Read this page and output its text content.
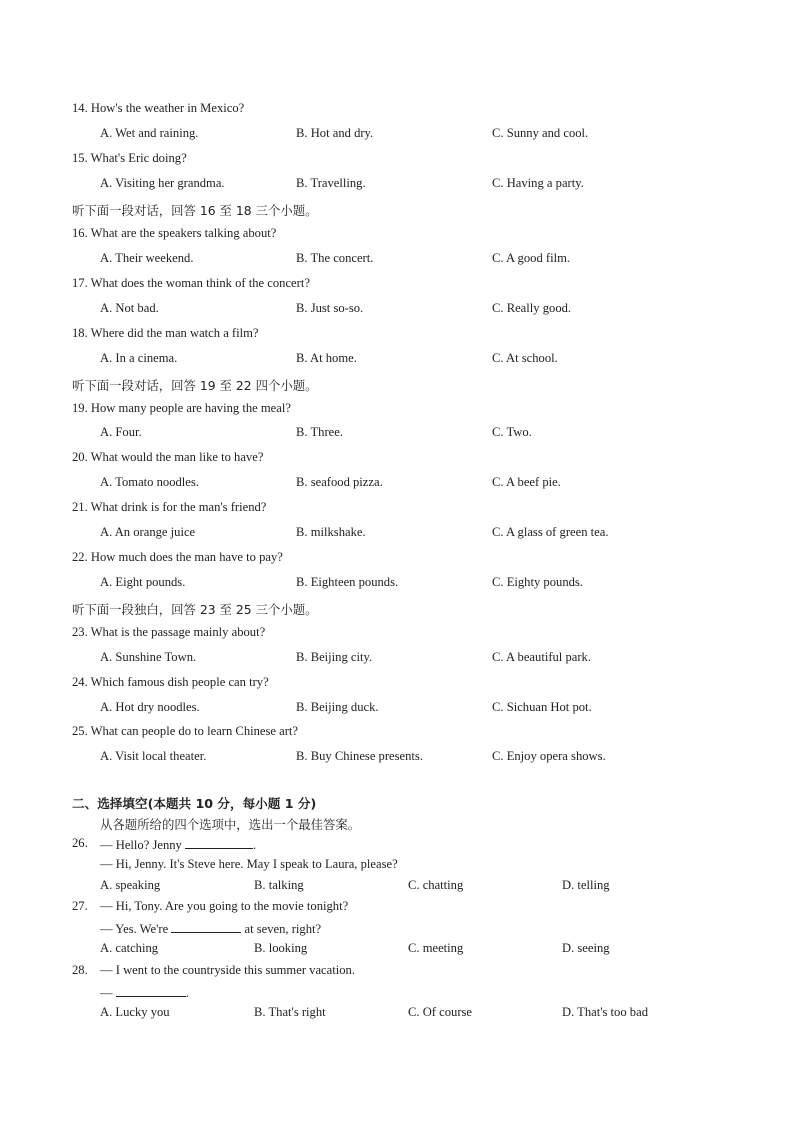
14. How's the weather in Mexico?
A. Wet and raining.	B. Hot and dry.	C. Sunny and cool.
15. What's Eric doing?
A. Visiting her grandma.	B. Travelling.	C. Having a party.
听下面一段对话，回答 16 至 18 三个小题。
16. What are the speakers talking about?
A. Their weekend.	B. The concert.	C. A good film.
17. What does the woman think of the concert?
A. Not bad.	B. Just so-so.	C. Really good.
18. Where did the man watch a film?
A. In a cinema.	B. At home.	C. At school.
听下面一段对话，回答 19 至 22 四个小题。
19. How many people are having the meal?
A. Four.	B. Three.	C. Two.
20. What would the man like to have?
A. Tomato noodles.	B. seafood pizza.	C. A beef pie.
21. What drink is for the man's friend?
A. An orange juice	B. milkshake.	C. A glass of green tea.
22. How much does the man have to pay?
A. Eight pounds.	B. Eighteen pounds.	C. Eighty pounds.
听下面一段独白，回答 23 至 25 三个小题。
23. What is the passage mainly about?
A. Sunshine Town.	B. Beijing city.	C. A beautiful park.
24. Which famous dish people can try?
A. Hot dry noodles.	B. Beijing duck.	C. Sichuan Hot pot.
25. What can people do to learn Chinese art?
A. Visit local theater.	B. Buy Chinese presents.	C. Enjoy opera shows.
二、选择填空(本题共 10 分，每小题 1 分)
从各题所给的四个选项中，选出一个最佳答案。
26. — Hello? Jenny	.
— Hi, Jenny. It's Steve here. May I speak to Laura, please?
A. speaking	B. talking	C. chatting	D. telling
27. — Hi, Tony. Are you going to the movie tonight?
— Yes. We're	at seven, right?
A. catching	B. looking	C. meeting	D. seeing
28. — I went to the countryside this summer vacation.
—	.
A. Lucky you	B. That's right	C. Of course	D. That's too bad
